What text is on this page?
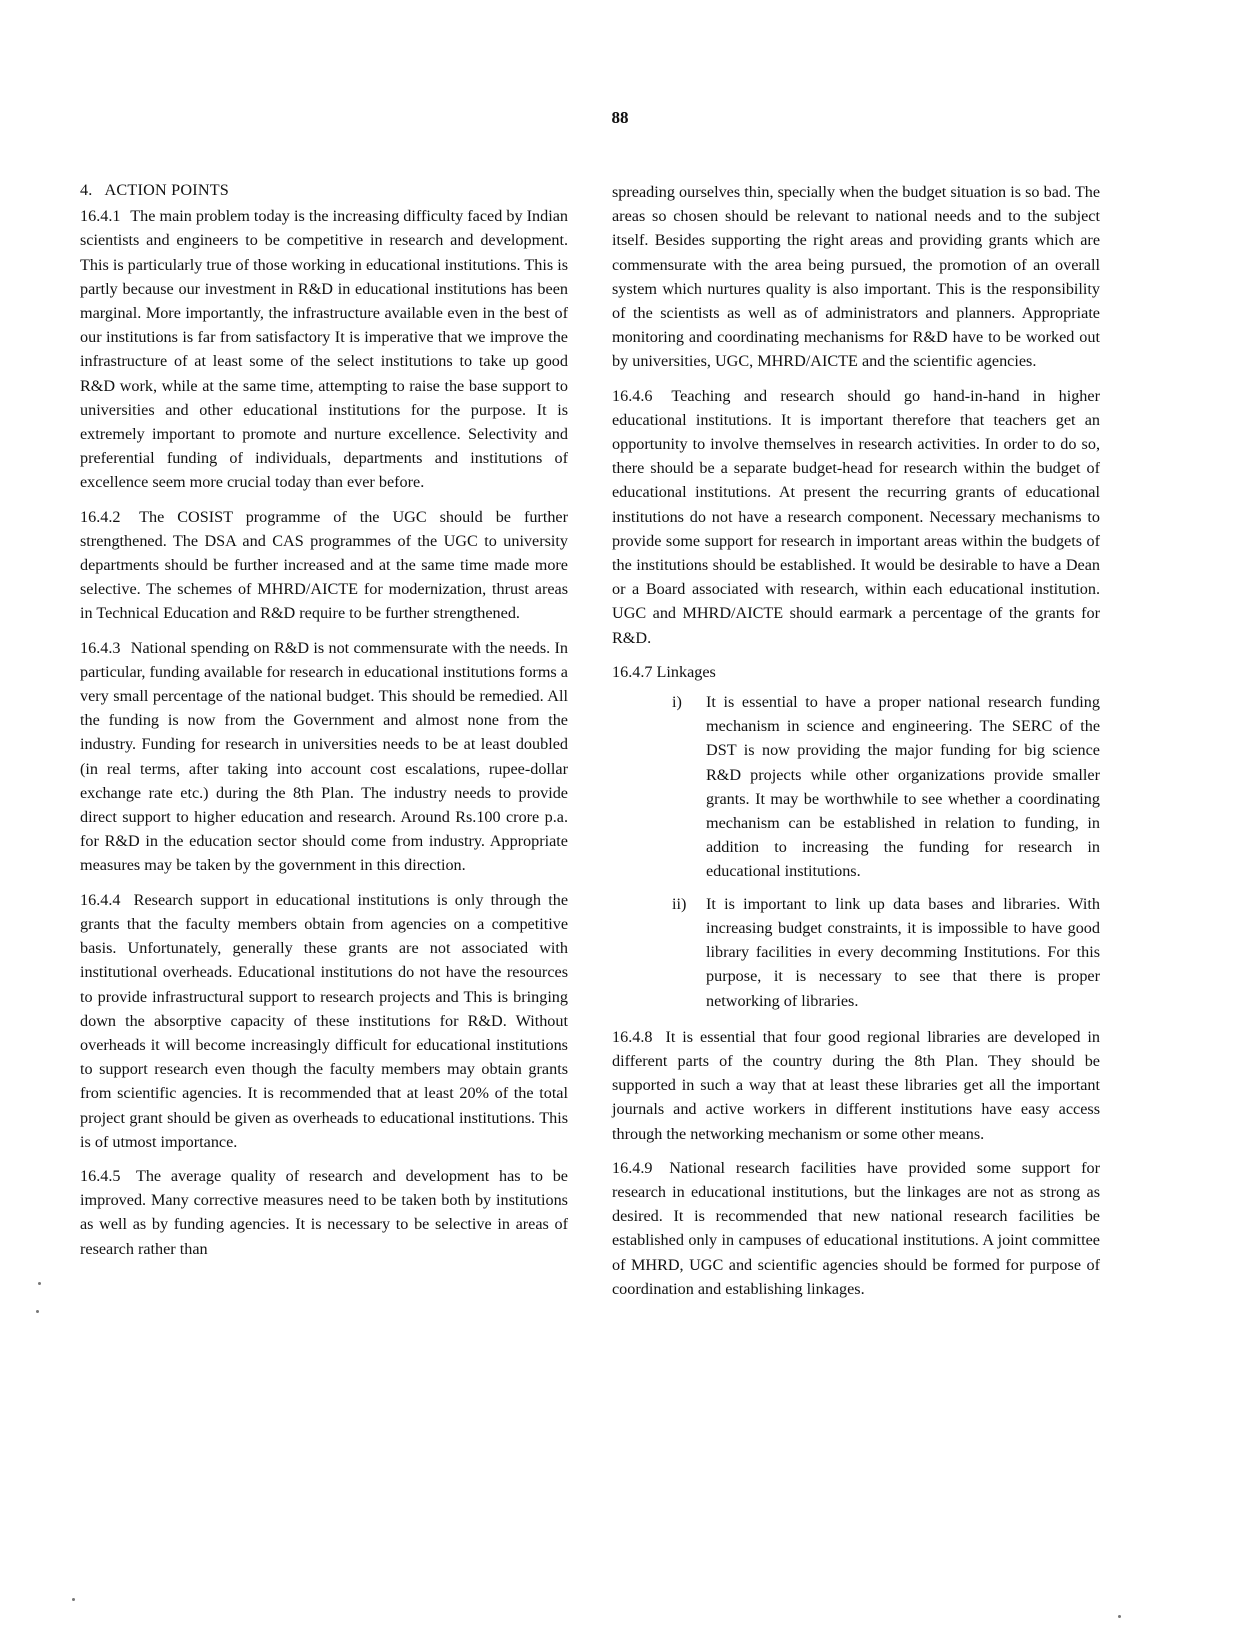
88
4. ACTION POINTS

16.4.1 The main problem today is the increasing difficulty faced by Indian scientists and engineers to be competitive in research and development. This is particularly true of those working in educational institutions. This is partly because our investment in R&D in educational institutions has been marginal. More importantly, the infrastructure available even in the best of our institutions is far from satisfactory It is imperative that we improve the infrastructure of at least some of the select institutions to take up good R&D work, while at the same time, attempting to raise the base support to universities and other educational institutions for the purpose. It is extremely important to promote and nurture excellence. Selectivity and preferential funding of individuals, departments and institutions of excellence seem more crucial today than ever before.

16.4.2 The COSIST programme of the UGC should be further strengthened. The DSA and CAS programmes of the UGC to university departments should be further increased and at the same time made more selective. The schemes of MHRD/AICTE for modernization, thrust areas in Technical Education and R&D require to be further strengthened.

16.4.3 National spending on R&D is not commensurate with the needs. In particular, funding available for research in educational institutions forms a very small percentage of the national budget. This should be remedied. All the funding is now from the Government and almost none from the industry. Funding for research in universities needs to be at least doubled (in real terms, after taking into account cost escalations, rupee-dollar exchange rate etc.) during the 8th Plan. The industry needs to provide direct support to higher education and research. Around Rs.100 crore p.a. for R&D in the education sector should come from industry. Appropriate measures may be taken by the government in this direction.

16.4.4 Research support in educational institutions is only through the grants that the faculty members obtain from agencies on a competitive basis. Unfortunately, generally these grants are not associated with institutional overheads. Educational institutions do not have the resources to provide infrastructural support to research projects and This is bringing down the absorptive capacity of these institutions for R&D. Without overheads it will become increasingly difficult for educational institutions to support research even though the faculty members may obtain grants from scientific agencies. It is recommended that at least 20% of the total project grant should be given as overheads to educational institutions. This is of utmost importance.

16.4.5 The average quality of research and development has to be improved. Many corrective measures need to be taken both by institutions as well as by funding agencies. It is necessary to be selective in areas of research rather than

spreading ourselves thin, specially when the budget situation is so bad. The areas so chosen should be relevant to national needs and to the subject itself. Besides supporting the right areas and providing grants which are commensurate with the area being pursued, the promotion of an overall system which nurtures quality is also important. This is the responsibility of the scientists as well as of administrators and planners. Appropriate monitoring and coordinating mechanisms for R&D have to be worked out by universities, UGC, MHRD/AICTE and the scientific agencies.

16.4.6 Teaching and research should go hand-in-hand in higher educational institutions. It is important therefore that teachers get an opportunity to involve themselves in research activities. In order to do so, there should be a separate budget-head for research within the budget of educational institutions. At present the recurring grants of educational institutions do not have a research component. Necessary mechanisms to provide some support for research in important areas within the budgets of the institutions should be established. It would be desirable to have a Dean or a Board associated with research, within each educational institution. UGC and MHRD/AICTE should earmark a percentage of the grants for R&D.

16.4.7 Linkages
i) It is essential to have a proper national research funding mechanism in science and engineering. The SERC of the DST is now providing the major funding for big science R&D projects while other organizations provide smaller grants. It may be worthwhile to see whether a coordinating mechanism can be established in relation to funding, in addition to increasing the funding for research in educational institutions.
ii) It is important to link up data bases and libraries. With increasing budget constraints, it is impossible to have good library facilities in every decomming Institutions. For this purpose, it is necessary to see that there is proper networking of libraries.

16.4.8 It is essential that four good regional libraries are developed in different parts of the country during the 8th Plan. They should be supported in such a way that at least these libraries get all the important journals and active workers in different institutions have easy access through the networking mechanism or some other means.

16.4.9 National research facilities have provided some support for research in educational institutions, but the linkages are not as strong as desired. It is recommended that new national research facilities be established only in campuses of educational institutions. A joint committee of MHRD, UGC and scientific agencies should be formed for purpose of coordination and establishing linkages.
